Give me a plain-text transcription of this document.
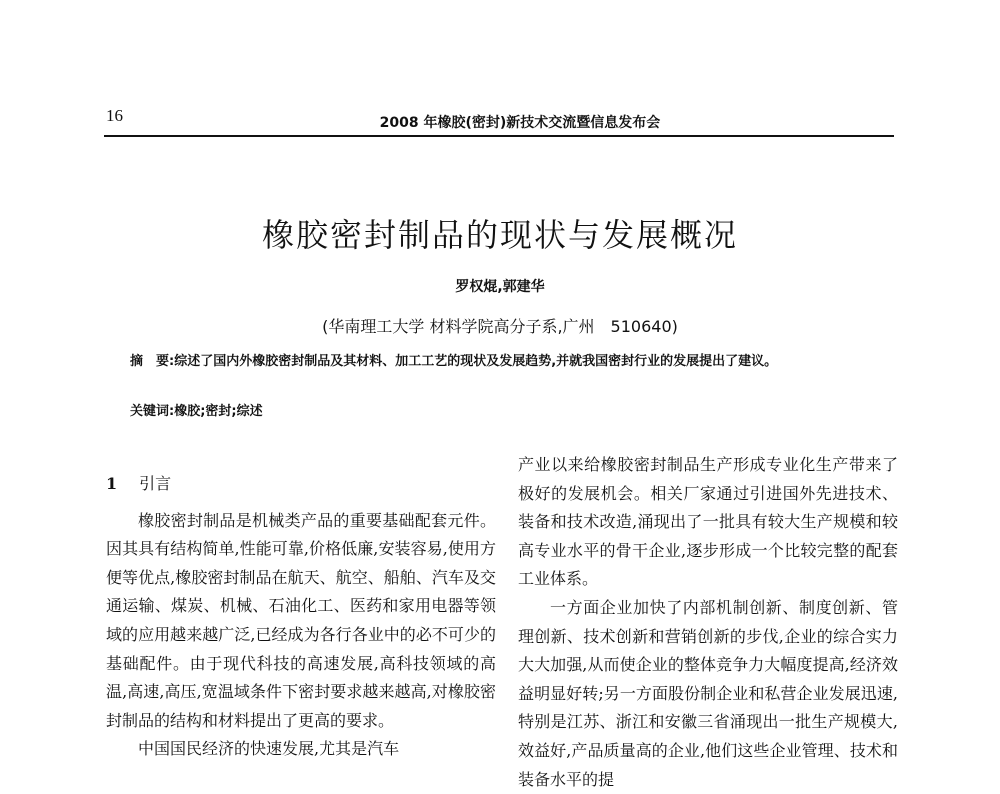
16	2008 年橡胶(密封)新技术交流暨信息发布会
橡胶密封制品的现状与发展概况
罗权焜,郭建华
(华南理工大学 材料学院高分子系,广州　510640)
摘　要:综述了国内外橡胶密封制品及其材料、加工工艺的现状及发展趋势,并就我国密封行业的发展提出了建议。
关键词:橡胶;密封;综述
1 引言

橡胶密封制品是机械类产品的重要基础配套元件。因其具有结构简单,性能可靠,价格低廉,安装容易,使用方便等优点,橡胶密封制品在航天、航空、船舶、汽车及交通运输、煤炭、机械、石油化工、医药和家用电器等领域的应用越来越广泛,已经成为各行各业中的必不可少的基础配件。由于现代科技的高速发展,高科技领域的高温,高速,高压,宽温域条件下密封要求越来越高,对橡胶密封制品的结构和材料提出了更高的要求。

中国国民经济的快速发展,尤其是汽车

产业以来给橡胶密封制品生产形成专业化生产带来了极好的发展机会。相关厂家通过引进国外先进技术、装备和技术改造,涌现出了一批具有较大生产规模和较高专业水平的骨干企业,逐步形成一个比较完整的配套工业体系。

一方面企业加快了内部机制创新、制度创新、管理创新、技术创新和营销创新的步伐,企业的综合实力大大加强,从而使企业的整体竞争力大幅度提高,经济效益明显好转;另一方面股份制企业和私营企业发展迅速,特别是江苏、浙江和安徽三省涌现出一批生产规模大,效益好,产品质量高的企业,他们这些企业管理、技术和装备水平的提
